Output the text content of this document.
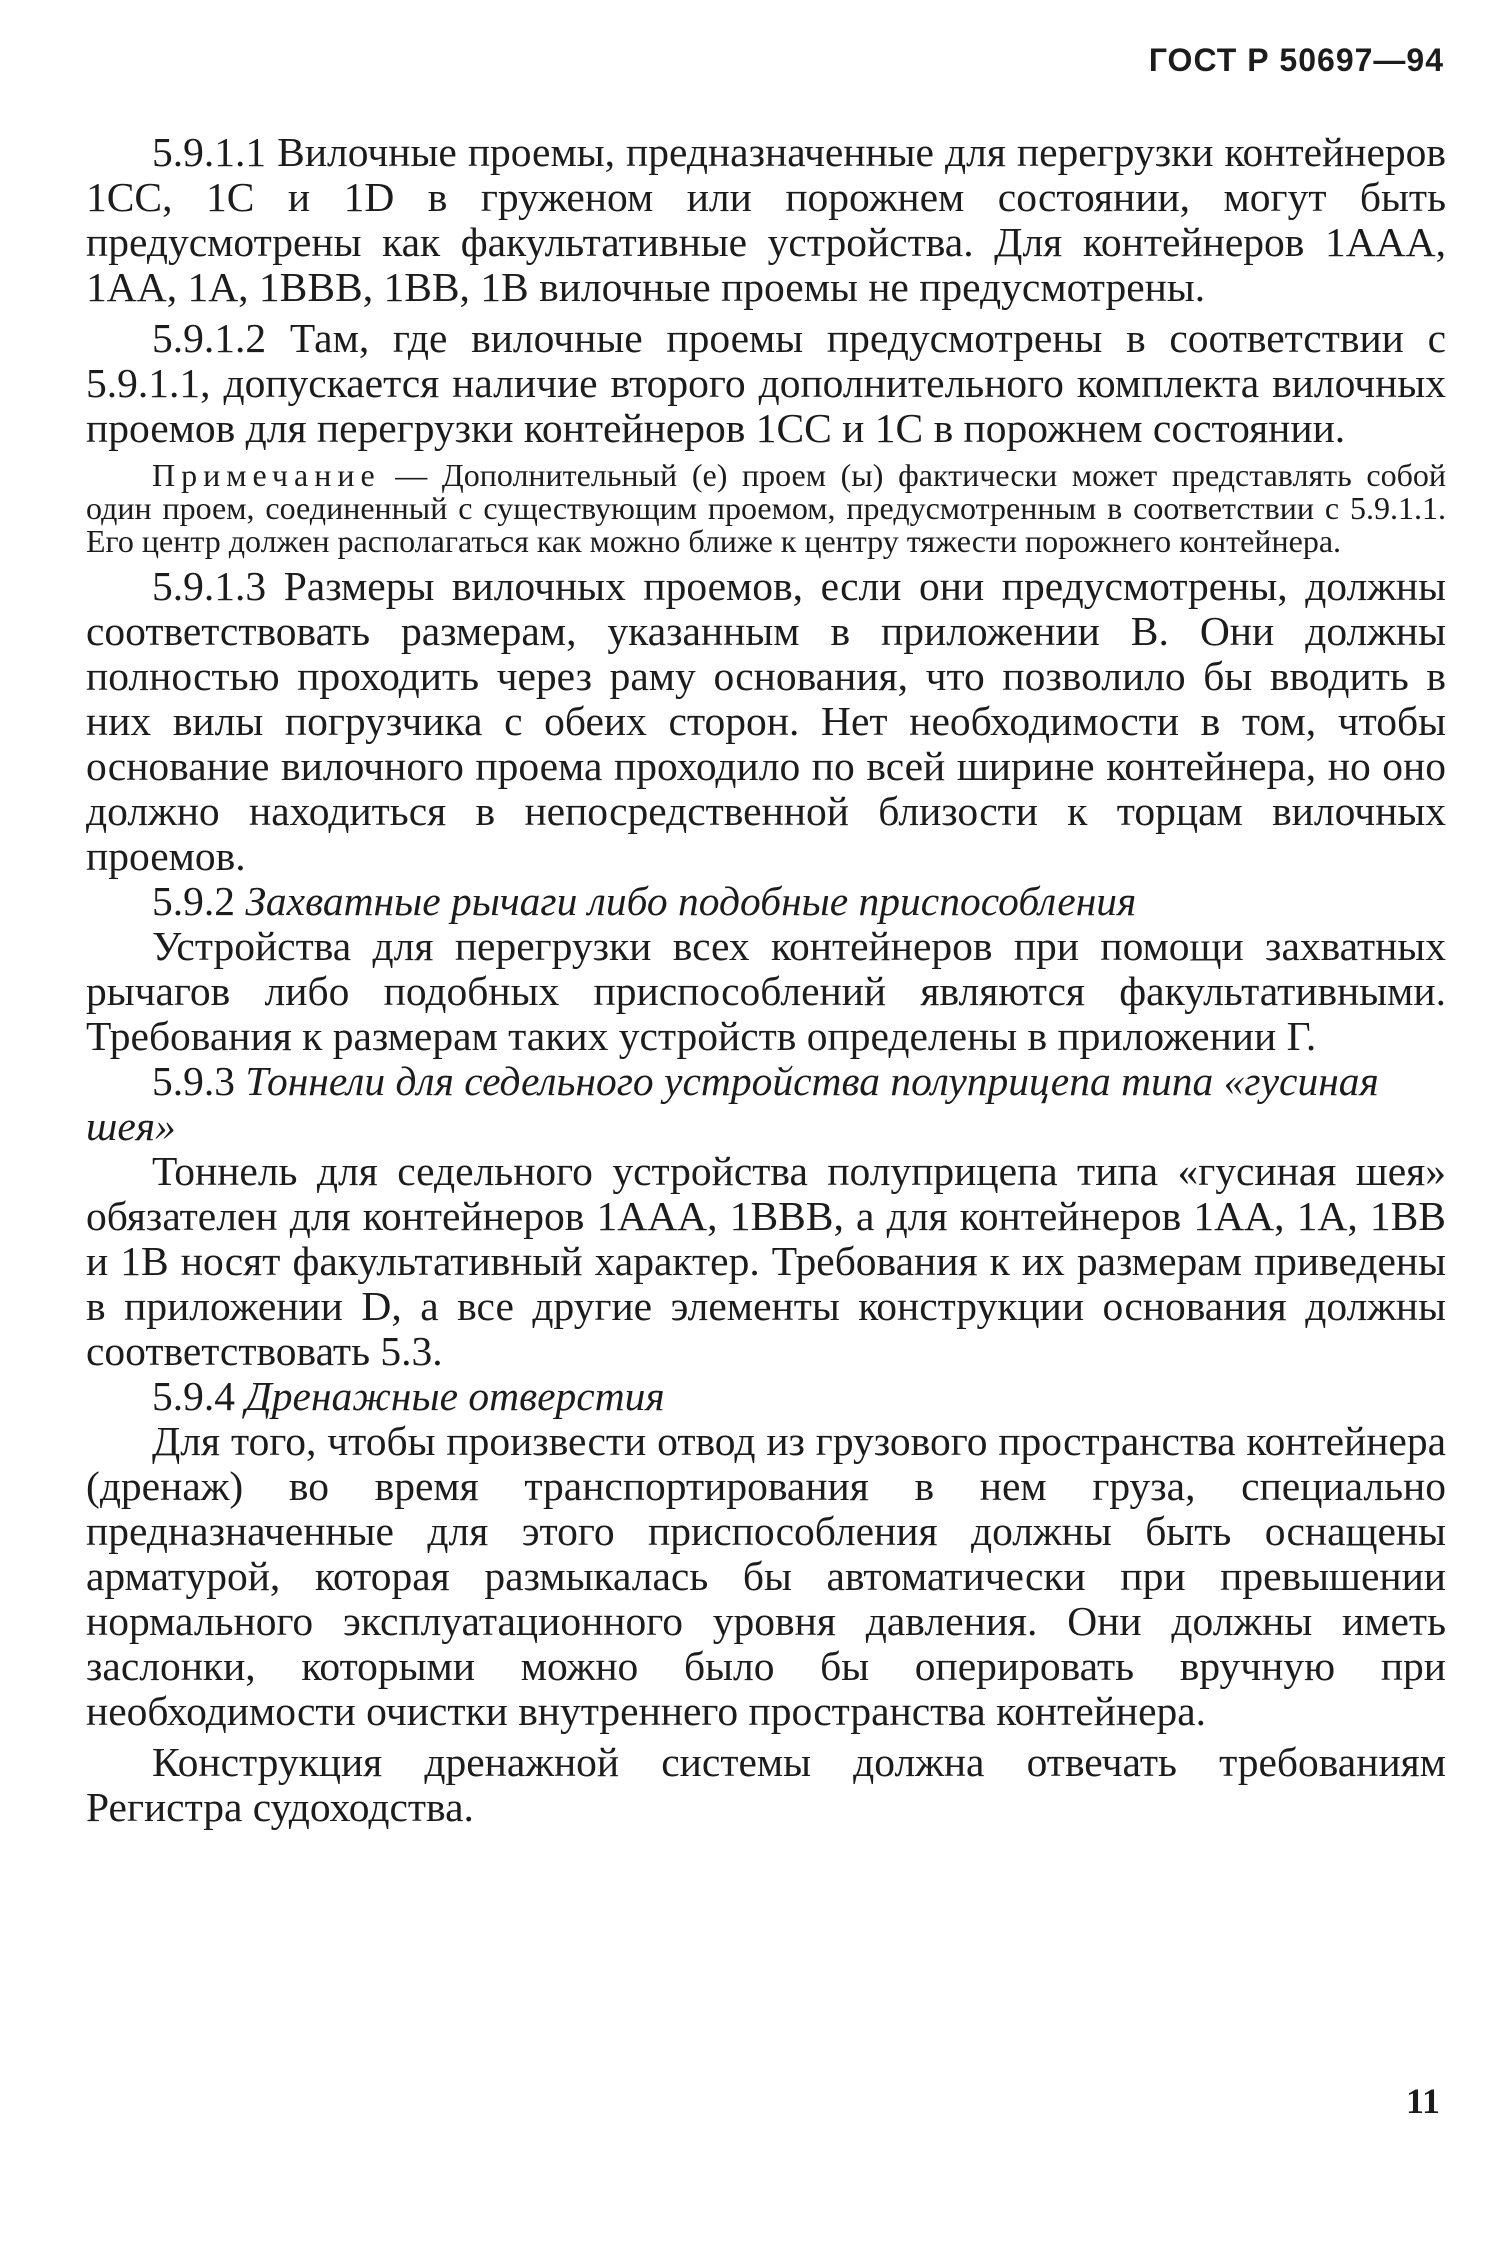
ГОСТ Р 50697—94

5.9.1.1 Вилочные проемы, предназначенные для перегрузки контейнеров 1CC, 1C и 1D в груженом или порожнем состоянии, могут быть предусмотрены как факультативные устройства. Для контейнеров 1AAA, 1AA, 1A, 1BBB, 1BB, 1B вилочные проемы не предусмотрены.

5.9.1.2 Там, где вилочные проемы предусмотрены в соответствии с 5.9.1.1, допускается наличие второго дополнительного комплекта вилочных проемов для перегрузки контейнеров 1CC и 1C в порожнем состоянии.

Примечание — Дополнительный (е) проем (ы) фактически может представлять собой один проем, соединенный с существующим проемом, предусмотренным в соответствии с 5.9.1.1. Его центр должен располагаться как можно ближе к центру тяжести порожнего контейнера.

5.9.1.3 Размеры вилочных проемов, если они предусмотрены, должны соответствовать размерам, указанным в приложении В. Они должны полностью проходить через раму основания, что позволило бы вводить в них вилы погрузчика с обеих сторон. Нет необходимости в том, чтобы основание вилочного проема проходило по всей ширине контейнера, но оно должно находиться в непосредственной близости к торцам вилочных проемов.

5.9.2 Захватные рычаги либо подобные приспособления

Устройства для перегрузки всех контейнеров при помощи захватных рычагов либо подобных приспособлений являются факультативными. Требования к размерам таких устройств определены в приложении Г.

5.9.3 Тоннели для седельного устройства полуприцепа типа «гусиная шея»

Тоннель для седельного устройства полуприцепа типа «гусиная шея» обязателен для контейнеров 1AAA, 1BBB, а для контейнеров 1AA, 1A, 1BB и 1B носят факультативный характер. Требования к их размерам приведены в приложении D, а все другие элементы конструкции основания должны соответствовать 5.3.

5.9.4 Дренажные отверстия

Для того, чтобы произвести отвод из грузового пространства контейнера (дренаж) во время транспортирования в нем груза, специально предназначенные для этого приспособления должны быть оснащены арматурой, которая размыкалась бы автоматически при превышении нормального эксплуатационного уровня давления. Они должны иметь заслонки, которыми можно было бы оперировать вручную при необходимости очистки внутреннего пространства контейнера.

Конструкция дренажной системы должна отвечать требованиям Регистра судоходства.

11
